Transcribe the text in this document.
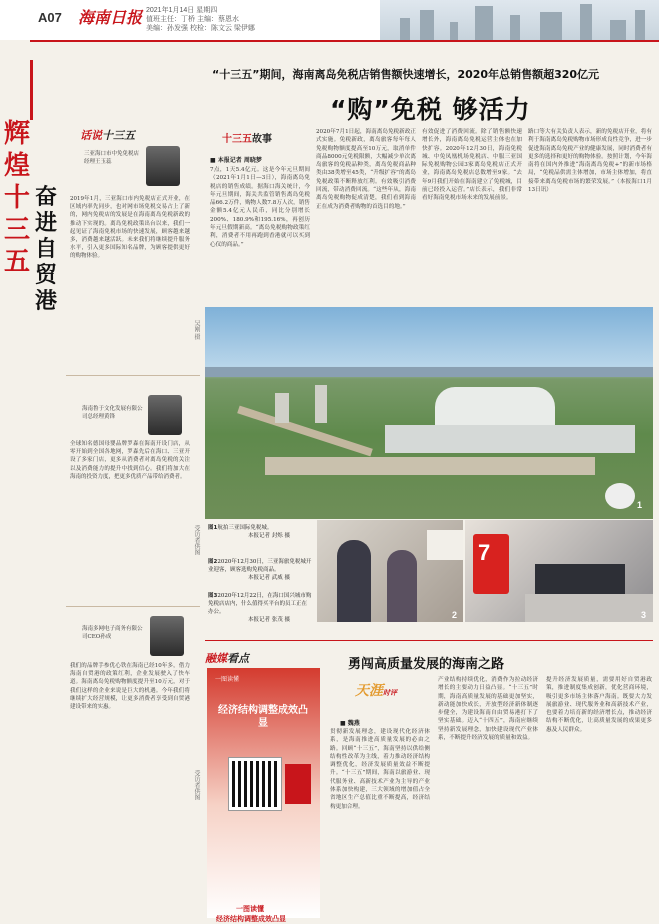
A07 海南日报 2021年1月14日 星期四
值班主任：丁桥 主编：蔡恩水
美编：孙发强 校检：陈文云 梁伊娜
辉煌十三五
奋进自贸港
话说十三五
三亚海口市中免免税店经理王玉蕊
2019年1月，三亚海口市内免税店正式开业，在区域内率先同步，也对网市场免税交易占上了新的，网内免税店的发展是在海南离岛免税新政的推动下实现的。离岛免税政策出台以来，我们一起见证了海南免税市场的快速发展，顾客越来越多，消费越来越活跃。未来我们将继续提升服务水平，引入更多国际知名品牌，为顾客提供更好的购物体验。
吴刚 摄
海南鲁于文化发展有限公司总经理黄锋
全球知名德国母婴品牌罗森在海南开设门店，从零开始到全国各地网，罗森先后在海口、三亚开设了多家门店，更多从消费者对离岛免税的关注以及消费能力的提升中找到信心。我们将加大在海南的投资力度，把更多优质产品带给消费者。
受访者供图
海南多网电子商务有限公司CEO孙成
我们的品牌手参优心铁在海南已经10年多，借力海南自贸港的政策红利，企业发展驶入了快车道。海南离岛免税购物额度提升至10万元，对于我们这样的企业来说是巨大的机遇。今年我们将继续扩大经营规模，让更多消费者享受到自贸港建设带来的实惠。
受访者供图
“十三五”期间，海南离岛免税店销售额快速增长，2020年总销售额超320亿元
“购”免税 够活力
十三五故事
■ 本报记者 周晓梦
7点，1天5.4亿元。这是今年元旦期间（2021年1月1日—3日），海南离岛免税店的销售成绩。据海口海关统计，今年元旦期间，海关共监管销售离岛免税品66.2万件，购物人数7.8万人次，销售金额5.4亿元人民币，同比分别增长200%、180.9%和195.16%，再创历年元旦假期新高。“离岛免税购物政策红利，消费者不用再跑到香港就可以买到心仪的商品。”
2020年7月1日起，海南离岛免税新政正式实施。免税新政，离岛旅客每年每人免税购物额度提高至10万元，取消单件商品8000元免税限额，大幅减少单次离岛旅客的免税品种类，离岛免税商品种类由38类增至45类，“升级扩容”的离岛免税政策不断释放红利。有效吸引消费回流，带动消费回流。“这些年从，海南离岛免税购物促成清楚，我们看到海南正在成为消费者购物的首选目的地。”
有效促进了消费回流。除了销售额快速增长外，海南离岛免税运营主体也在加快扩容。2020年12月30日，海南免税城、中免凤凰机场免税店、中服三亚国际免税购物公园3家离岛免税店正式开业，海南离岛免税店总数增至9家。“去年9月我们开始在海南建立了免税城，目前已经投入运营。”店长表示，我们非常看好海南免税市场未来的发展前景。
路口等大有关负责人表示，新的免税店开业，将有利于海南离岛免税购物市场形成良性竞争，进一步促进海南离岛免税产业的健康发展，同时消费者有更多的选择和更好的购物体验。按照计划，今年海南将在国内外推进“海南离岛免税+”的新市场格局，“免税品供需主体增加，市场主体增加，将直接带来离岛免税市场的繁荣发展。”（本报海口1月13日讯）
1
图1航拍三亚国际免税城。
本报记者 封烁 摄
图22020年12月30日，三亚海旅免税城开业迎客，顾客选购免税商品。
本报记者 武威 摄
图32020年12月22日，在海口国兴城市购免税店店内，什么值得买平台的员工正在办公。
本报记者 张茂 摄	2
7
3
融媒看点
一图读懂
经济结构调整成效凸显
一图读懂
经济结构调整成效凸显
勇闯高质量发展的海南之路
天涯时评
■ 魏燕
贯彻新发展理念，建设现代化经济体系，是海南推进高质量发展的必由之路。回顾“十三五”，海南坚持以供给侧结构性改革为主线，着力推动经济结构调整优化，经济发展质量效益不断提升。“十三五”期间，海南以旅游业、现代服务业、高新技术产业为主导的产业体系加快构建，三大领域的增加值占全省地区生产总值比重不断提高，经济结构更加合理。
产业结构持续优化，消费作为拉动经济增长的主要动力日益凸显。“十三五”时期，海南高质量发展的基础更加坚实，新动能加快成长，开放型经济新体制逐步健全，为建设海南自由贸易港打下了坚实基础。迈入“十四五”，海南应继续坚持新发展理念，加快建设现代产业体系，不断提升经济发展的质量和效益。
提升经济发展质量，需要用好自贸港政策，推进制度集成创新，优化营商环境，吸引更多市场主体落户海南。既要大力发展旅游业、现代服务业和高新技术产业，也要着力培育新的经济增长点，推动经济结构不断优化，让高质量发展的成果更多惠及人民群众。
